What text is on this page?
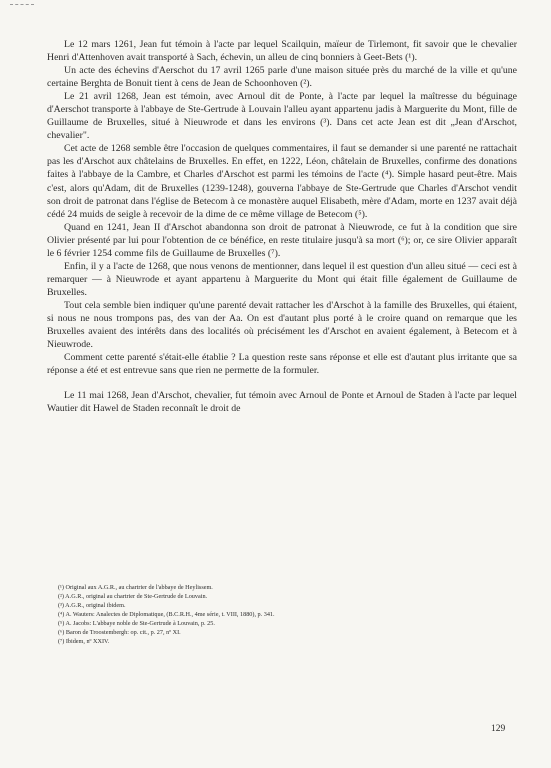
Le 12 mars 1261, Jean fut témoin à l'acte par lequel Scailquin, maïeur de Tirlemont, fit savoir que le chevalier Henri d'Attenhoven avait transporté à Sach, échevin, un alleu de cinq bonniers à Geet-Bets (¹).

Un acte des échevins d'Aerschot du 17 avril 1265 parle d'une maison située près du marché de la ville et qu'une certaine Berghta de Bonuit tient à cens de Jean de Schoonhoven (²).

Le 21 avril 1268, Jean est témoin, avec Arnoul dit de Ponte, à l'acte par lequel la maîtresse du béguinage d'Aerschot transporte à l'abbaye de Ste-Gertrude à Louvain l'alleu ayant appartenu jadis à Marguerite du Mont, fille de Guillaume de Bruxelles, situé à Nieuwrode et dans les environs (³). Dans cet acte Jean est dit „Jean d'Arschot, chevalier".

Cet acte de 1268 semble être l'occasion de quelques commentaires, il faut se demander si une parenté ne rattachait pas les d'Arschot aux châtelains de Bruxelles. En effet, en 1222, Léon, châtelain de Bruxelles, confirme des donations faites à l'abbaye de la Cambre, et Charles d'Arschot est parmi les témoins de l'acte (⁴). Simple hasard peut-être. Mais c'est, alors qu'Adam, dit de Bruxelles (1239-1248), gouverna l'abbaye de Ste-Gertrude que Charles d'Arschot vendit son droit de patronat dans l'église de Betecom à ce monastère auquel Elisabeth, mère d'Adam, morte en 1237 avait déjà cédé 24 muids de seigle à recevoir de la dime de ce même village de Betecom (⁵).

Quand en 1241, Jean II d'Arschot abandonna son droit de patronat à Nieuwrode, ce fut à la condition que sire Olivier présenté par lui pour l'obtention de ce bénéfice, en reste titulaire jusqu'à sa mort (⁶); or, ce sire Olivier apparaît le 6 février 1254 comme fils de Guillaume de Bruxelles (⁷).

Enfin, il y a l'acte de 1268, que nous venons de mentionner, dans lequel il est question d'un alleu situé — ceci est à remarquer — à Nieuwrode et ayant appartenu à Marguerite du Mont qui était fille également de Guillaume de Bruxelles.

Tout cela semble bien indiquer qu'une parenté devait rattacher les d'Arschot à la famille des Bruxelles, qui étaient, si nous ne nous trompons pas, des van der Aa. On est d'autant plus porté à le croire quand on remarque que les Bruxelles avaient des intérêts dans des localités où précisément les d'Arschot en avaient également, à Betecom et à Nieuwrode.

Comment cette parenté s'était-elle établie ? La question reste sans réponse et elle est d'autant plus irritante que sa réponse a été et est entrevue sans que rien ne permette de la formuler.

Le 11 mai 1268, Jean d'Arschot, chevalier, fut témoin avec Arnoul de Ponte et Arnoul de Staden à l'acte par lequel Wautier dit Hawel de Staden reconnaît le droit de

(¹) Original aux A.G.R., au chartrier de l'abbaye de Heylissem.
(²) A.G.R., original au chartrier de Ste-Gertrude de Louvain.
(³) A.G.R., original ibidem.
(⁴) A. Wauters: Analectes de Diplomatique, (B.C.R.H., 4me série, t. VIII, 1880), p. 341.
(⁵) A. Jacobs: L'abbaye noble de Ste-Gertrude à Louvain, p. 25.
(⁶) Baron de Troostembergh: op. cit., p. 27, nº XI.
(⁷) Ibidem, nº XXIV.
129
